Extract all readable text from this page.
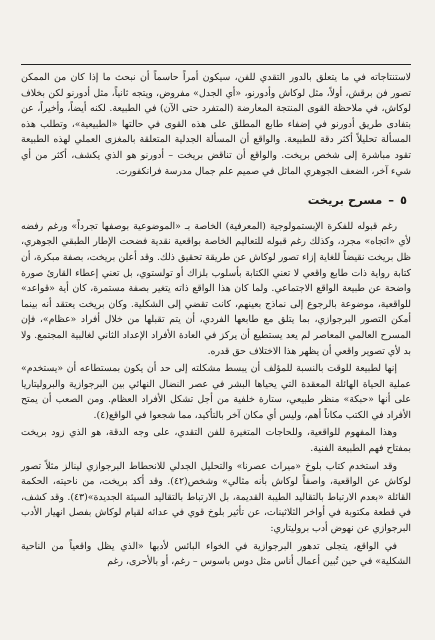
لاستنتاجاته في ما يتعلق بالدور التقدي للفن، سيكون أمراً حاسماً أن نبحث ما إذا كان من الممكن تصور فن برقش، أولاً، مثل لوكاش وأدورنو، «أي الجدل» مفروض، ويتجه ثانياً، مثل أدورنو لكن بخلاف لوكاش، في ملاحظة القوى المنتجة المعارضة (المتفرد حتى الآن) في الطبيعة. لكنه أيضاً، وأخيراً، عن بتفادى طريق أدورنو في إضفاء طابع المطلق على هذه القوى في حالتها «الطبيعية»، وتطلب هذه المسألة تحليلاً أكثر دقة للطبيعة. والواقع أن المسألة الجدلية المتعلقة بالمغزى العملي لهذه الطبيعة تقود مباشرة إلى شخص بريخت. والواقع أن تناقض بريخت – أدورنو هو الذي يكشف، أكثر من أي شيء آخر، الضعف الجوهري الماثل في صميم علم جمال مدرسة فرانكفورت.

٥
–
مسرح بريخت

رغم قبوله للفكرة الإبستمولوجية (المعرفية) الخاصة بـ «الموضوعية بوصفها تجرداً» ورغم رفضه لأي «اتجاه» مجرد، وكذلك رغم قبوله للتعاليم الخاصة بواقعية نقدية فضحت الإطار الطبقي الجوهري، ظل بريخت نقيضاً للغاية إزاء تصور لوكاش عن طريقة تحقيق ذلك. وقد أعلن بريخت، بصفة مبكرة، أن كتابة رواية ذات طابع واقعي لا تعني الكتابة بأسلوب بلزاك أو تولستوي، بل تعني إعطاء القارئ صورة واضحة عن طبيعة الواقع الاجتماعي. ولما كان هذا الواقع ذاته يتغير بصفة مستمرة، كان أية «قواعد» للواقعية، موضوعة بالرجوع إلى نماذج بعينهم، كانت تقضي إلى الشكلية. وكان بريخت يعتقد أنه بينما أمكن التصور البرجوازي، بما يتلق مع طابعها الفردي، أن يتم تقبلها من خلال أفراد «عظام»، فإن المسرح العالمي المعاصر لم يعد يستطيع أن يركز في العادة الأفراد الإعداد الثاني لغالبية المجتمع. ولا بد لأي تصوير واقعي أن يظهر هذا الاختلاف حق قدره.

إنها لطبيعة للوقت بالنسبة للمؤلف أن يبسط مشكلته إلى حد أن يكون بمستطاعه أن «يستخدم» عملية الحياة الهائلة المعقدة التي يحياها البشر في عصر النضال النهائي بين البرجوازية والبروليتاريا على أنها «حبكة» منظر طبيعي، ستارة خلفية من أجل تشكل الأفراد العظام. ومن الصعب أن يمتح الأفراد في الكتب مكاناً أهم، وليس أي مكان آخر بالتأكيد، مما شجعوا في الواقع(٤).

وهذا المفهوم للواقعية، وللحاجات المتغيرة للفن التقدي، على وجه الدقة، هو الذي زود بريخت بمفتاح فهم الطبيعة الفنية.

وقد استخدم كتاب بلوخ «ميراث عصرنا» والتحليل الجدلي للانحطاط البرجوازي لينالز مثلاً تصور لوكاش عن الواقعية، واصفاً لوكاش بأنه مثالي» وشخص(٤٢). وقد أكد بريخت، من ناحيته، الحكمة القائلة «بعدم الارتباط بالتقاليد الطيبة القديمة، بل الارتباط بالتقاليد السيئة الجديدة»(٤٣). وقد كشف، في قطعة مكتوبة في أواخر الثلاثينات، عن تأثير بلوخ قوي في عدائه لقيام لوكاش بفصل انهيار الأدب البرجوازي عن نهوض أدب بروليتاري:

في الواقع، يتجلى تدهور البرجوازية في الخواء البائس لأدبها «الذي يظل واقعياً من الناحية الشكلية» في حين تُبين أعمال أناس مثل دوس باسوس – رغم، أو بالأحرى، رغم
